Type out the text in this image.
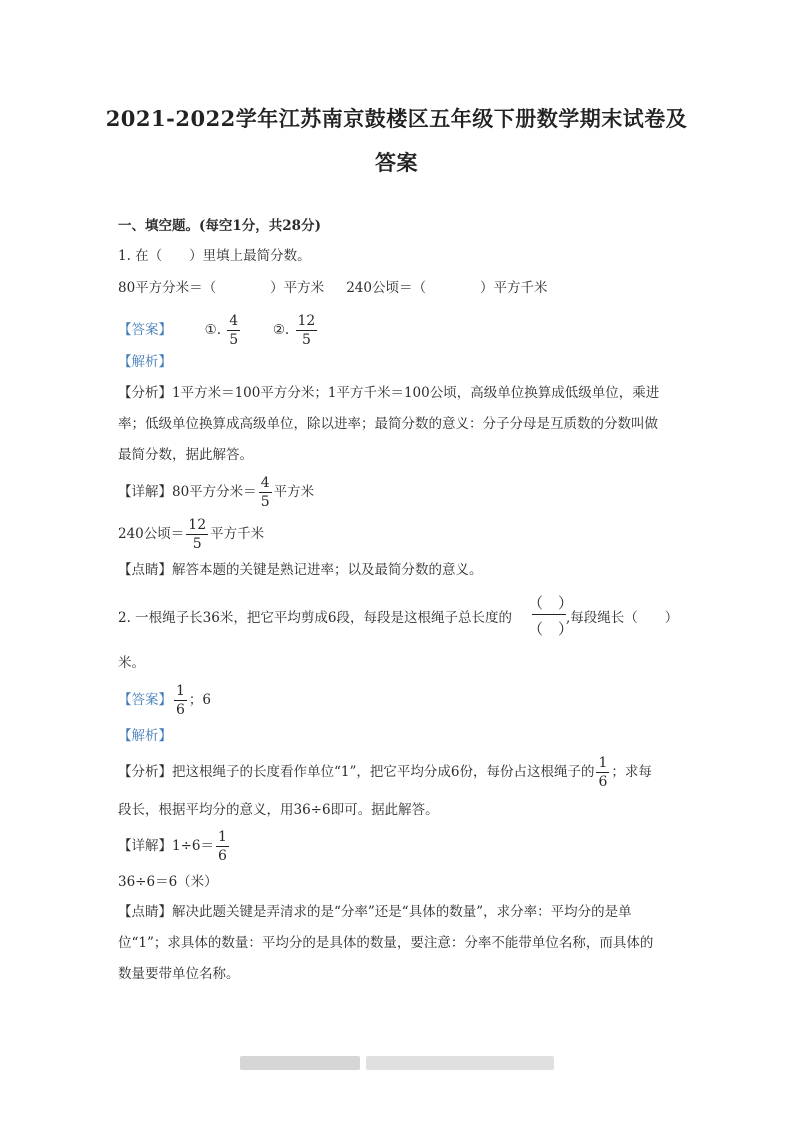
2021-2022学年江苏南京鼓楼区五年级下册数学期末试卷及
答案
一、填空题。(每空1分，共28分)
1. 在（　　）里填上最简分数。
80平方分米＝（　　　　）平方米 240公顷＝（　　　　）平方千米
【答案】 ①. $\frac{4}{5}$ ②. $\frac{12}{5}$
【解析】
【分析】1平方米＝100平方分米；1平方千米＝100公顷，高级单位换算成低级单位，乘进
率；低级单位换算成高级单位，除以进率；最简分数的意义：分子分母是互质数的分数叫做
最简分数，据此解答。
【详解】80平方分米＝ $\frac{4}{5}$ 平方米
240公顷＝ $\frac{12}{5}$ 平方千米
【点睛】解答本题的关键是熟记进率；以及最简分数的意义。
2. 一根绳子长36米，把它平均剪成6段，每段是这根绳子总长度的
（　）
（　）
,每段绳长（　　）
米。
【答案】 $\frac{1}{6}$ ；6
【解析】
【分析】把这根绳子的长度看作单位“1”，把它平均分成6份，每份占这根绳子的 $\frac{1}{6}$ ；求每
段长，根据平均分的意义，用36÷6即可。据此解答。
【详解】$1\div 6= \frac{1}{6}$
36÷6＝6（米）
【点睛】解决此题关键是弄清求的是“分率”还是“具体的数量”，求分率：平均分的是单
位“1”；求具体的数量：平均分的是具体的数量，要注意：分率不能带单位名称，而具体的
数量要带单位名称。
